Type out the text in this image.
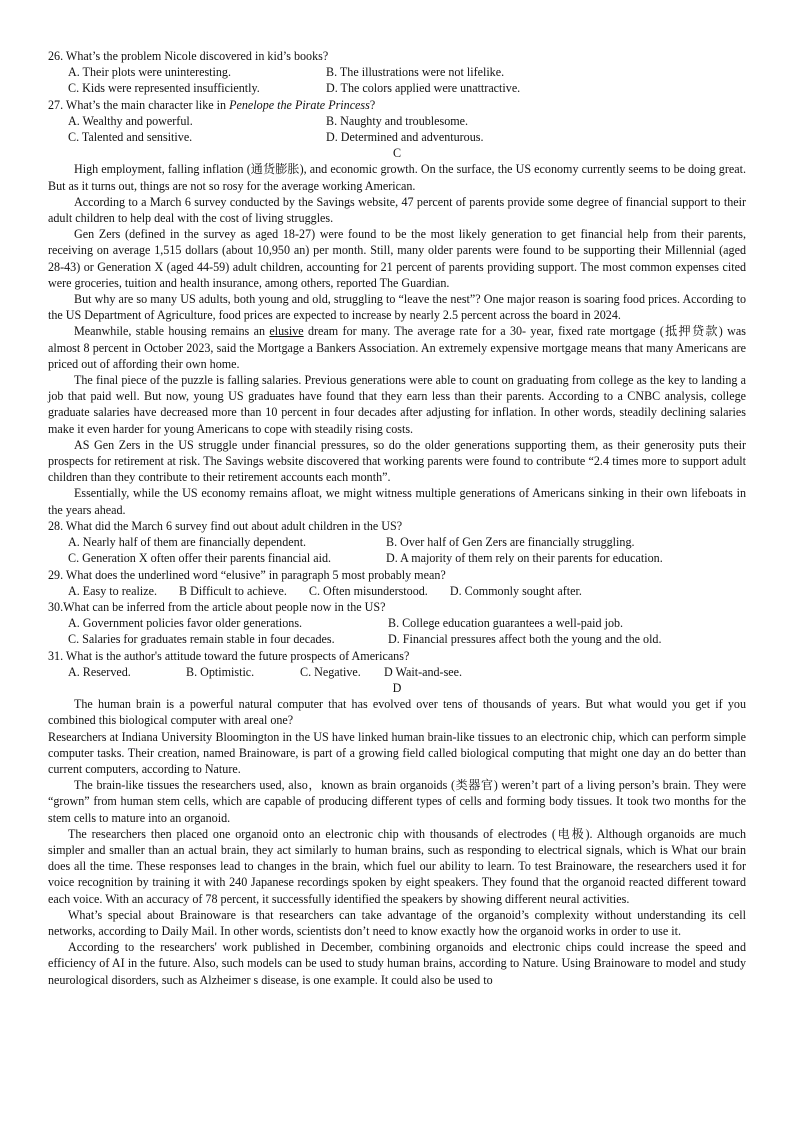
26. What’s the problem Nicole discovered in kid’s books?

A. Their plots were uninteresting.	B. The illustrations were not lifelike.
C. Kids were represented insufficiently.	D. The colors applied were unattractive.

27. What’s the main character like in Penelope the Pirate Princess?

A. Wealthy and powerful.	B. Naughty and troublesome.
C. Talented and sensitive.	D. Determined and adventurous.

C

High employment, falling inflation (通货膨胀), and economic growth. On the surface, the US economy currently seems to be doing great. But as it turns out, things are not so rosy for the average working American.

According to a March 6 survey conducted by the Savings website, 47 percent of parents provide some degree of financial support to their adult children to help deal with the cost of living struggles.

Gen Zers (defined in the survey as aged 18-27) were found to be the most likely generation to get financial help from their parents, receiving on average 1,515 dollars (about 10,950 an) per month. Still, many older parents were found to be supporting their Millennial (aged 28-43) or Generation X (aged 44-59) adult children, accounting for 21 percent of parents providing support. The most common expenses cited were groceries, tuition and health insurance, among others, reported The Guardian.

But why are so many US adults, both young and old, struggling to “leave the nest”? One major reason is soaring food prices. According to the US Department of Agriculture, food prices are expected to increase by nearly 2.5 percent across the board in 2024.

Meanwhile, stable housing remains an elusive dream for many. The average rate for a 30- year, fixed rate mortgage (抵押贷款) was almost 8 percent in October 2023, said the Mortgage a Bankers Association. An extremely expensive mortgage means that many Americans are priced out of affording their own home.

The final piece of the puzzle is falling salaries. Previous generations were able to count on graduating from college as the key to landing a job that paid well. But now, young US graduates have found that they earn less than their parents. According to a CNBC analysis, college graduate salaries have decreased more than 10 percent in four decades after adjusting for inflation. In other words, steadily declining salaries make it even harder for young Americans to cope with steadily rising costs.

AS Gen Zers in the US struggle under financial pressures, so do the older generations supporting them, as their generosity puts their prospects for retirement at risk. The Savings website discovered that working parents were found to contribute “2.4 times more to support adult children than they contribute to their retirement accounts each month”.

Essentially, while the US economy remains afloat, we might witness multiple generations of Americans sinking in their own lifeboats in the years ahead.

28. What did the March 6 survey find out about adult children in the US?

A. Nearly half of them are financially dependent.	B. Over half of Gen Zers are financially struggling.
C. Generation X often offer their parents financial aid.	D. A majority of them rely on their parents for education.

29. What does the underlined word “elusive” in paragraph 5 most probably mean?

A. Easy to realize. B Difficult to achieve. C. Often misunderstood. D. Commonly sought after.

30.What can be inferred from the article about people now in the US?

A. Government policies favor older generations.	B. College education guarantees a well-paid job.
C. Salaries for graduates remain stable in four decades.	D. Financial pressures affect both the young and the old.

31. What is the author's attitude toward the future prospects of Americans?

A. Reserved.	B. Optimistic.	C. Negative.	D Wait-and-see.

D

The human brain is a powerful natural computer that has evolved over tens of thousands of years. But what would you get if you combined this biological computer with areal one?

Researchers at Indiana University Bloomington in the US have linked human brain-like tissues to an electronic chip, which can perform simple computer tasks. Their creation, named Brainoware, is part of a growing field called biological computing that might one day an do better than current computers, according to Nature.

The brain-like tissues the researchers used, also，known as brain organoids (类器官) weren’t part of a living person’s brain. They were “grown” from human stem cells, which are capable of producing different types of cells and forming body tissues. It took two months for the stem cells to mature into an organoid.

The researchers then placed one organoid onto an electronic chip with thousands of electrodes (电极). Although organoids are much simpler and smaller than an actual brain, they act similarly to human brains, such as responding to electrical signals, which is What our brain does all the time. These responses lead to changes in the brain, which fuel our ability to learn. To test Brainoware, the researchers used it for voice recognition by training it with 240 Japanese recordings spoken by eight speakers. They found that the organoid reacted different toward each voice. With an accuracy of 78 percent, it successfully identified the speakers by showing different neural activities.

What’s special about Brainoware is that researchers can take advantage of the organoid’s complexity without understanding its cell networks, according to Daily Mail. In other words, scientists don’t need to know exactly how the organoid works in order to use it.

According to the researchers' work published in December, combining organoids and electronic chips could increase the speed and efficiency of AI in the future. Also, such models can be used to study human brains, according to Nature. Using Brainoware to model and study neurological disorders, such as Alzheimer s disease, is one example. It could also be used to
